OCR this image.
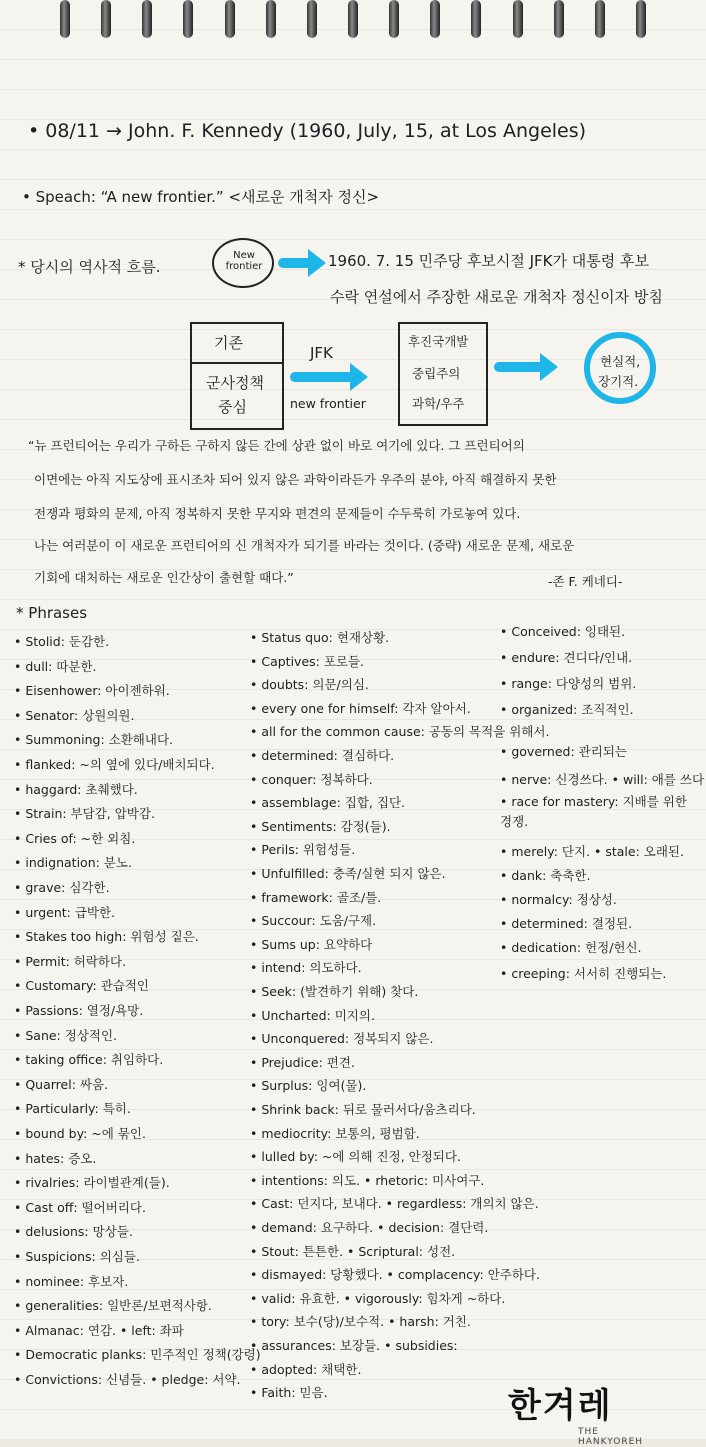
• 08/11 → John. F. Kennedy (1960, July, 15, at Los Angeles)
• Speach: “A new frontier.” <새로운 개척자 정신>
* 당시의 역사적 흐름.
New frontier	1960. 7. 15 민주당 후보시절 JFK가 대통령 후보
수락 연설에서 주장한 새로운 개척자 정신이자 방침
기존
군사정책
중심
JFK
new frontier
후진국개발
중립주의
과학/우주
현실적,
장기적.
“뉴 프런티어는 우리가 구하든 구하지 않든 간에 상관 없이 바로 여기에 있다. 그 프런티어의
이면에는 아직 지도상에 표시조차 되어 있지 않은 과학이라든가 우주의 분야, 아직 해결하지 못한
전쟁과 평화의 문제, 아직 정복하지 못한 무지와 편견의 문제들이 수두룩히 가로놓여 있다.
나는 여러분이 이 새로운 프런티어의 신 개척자가 되기를 바라는 것이다. (중략) 새로운 문제, 새로운
기회에 대처하는 새로운 인간상이 출현할 때다.”	-존 F. 케네디-
* Phrases
• Stolid: 둔감한.
• dull: 따분한.
• Eisenhower: 아이젠하워.
• Senator: 상원의원.
• Summoning: 소환해내다.
• flanked: ~의 옆에 있다/배치되다.
• haggard: 초췌했다.
• Strain: 부담감, 압박감.
• Cries of: ~한 외침.
• indignation: 분노.
• grave: 심각한.
• urgent: 급박한.
• Stakes too high: 위험성 짙은.
• Permit: 허락하다.
• Customary: 관습적인
• Passions: 열정/욕망.
• Sane: 정상적인.
• taking office: 취임하다.
• Quarrel: 싸움.
• Particularly: 특히.
• bound by: ~에 묶인.
• hates: 증오.
• rivalries: 라이벌관계(들).
• Cast off: 떨어버리다.
• delusions: 망상들.
• Suspicions: 의심들.
• nominee: 후보자.
• generalities: 일반론/보편적사항.
• Almanac: 연감. • left: 좌파
• Democratic planks: 민주적인 정책(강령)
• Convictions: 신념들. • pledge: 서약.
• Status quo: 현재상황.
• Captives: 포로들.
• doubts: 의문/의심.
• every one for himself: 각자 알아서.
• all for the common cause: 공동의 목적을 위해서.
• determined: 결심하다.
• conquer: 정복하다.
• assemblage: 집합, 집단.
• Sentiments: 감정(들).
• Perils: 위험성들.
• Unfulfilled: 충족/실현 되지 않은.
• framework: 골조/틀.
• Succour: 도움/구제.
• Sums up: 요약하다
• intend: 의도하다.
• Seek: (발견하기 위해) 찾다.
• Uncharted: 미지의.
• Unconquered: 정복되지 않은.
• Prejudice: 편견.
• Surplus: 잉여(물).
• Shrink back: 뒤로 물러서다/움츠리다.
• mediocrity: 보통의, 평범함.
• lulled by: ~에 의해 진정, 안정되다.
• intentions: 의도. • rhetoric: 미사여구.
• Cast: 던지다, 보내다. • regardless: 개의치 않은.
• demand: 요구하다. • decision: 결단력.
• Stout: 튼튼한. • Scriptural: 성전.
• dismayed: 당황했다. • complacency: 안주하다.
• valid: 유효한. • vigorously: 힘차게 ~하다.
• tory: 보수(당)/보수적. • harsh: 거친.
• assurances: 보장들. • subsidies:
• adopted: 채택한.
• Faith: 믿음.
• Conceived: 잉태된.
• endure: 견디다/인내.
• range: 다양성의 범위.
• organized: 조직적인.
• governed: 관리되는
• nerve: 신경쓰다. • will: 애를 쓰다
• race for mastery: 지배를 위한
경쟁.
• merely: 단지. • stale: 오래된.
• dank: 축축한.
• normalcy: 정상성.
• determined: 결정된.
• dedication: 헌정/헌신.
• creeping: 서서히 진행되는.
한겨레
THE HANKYOREH
